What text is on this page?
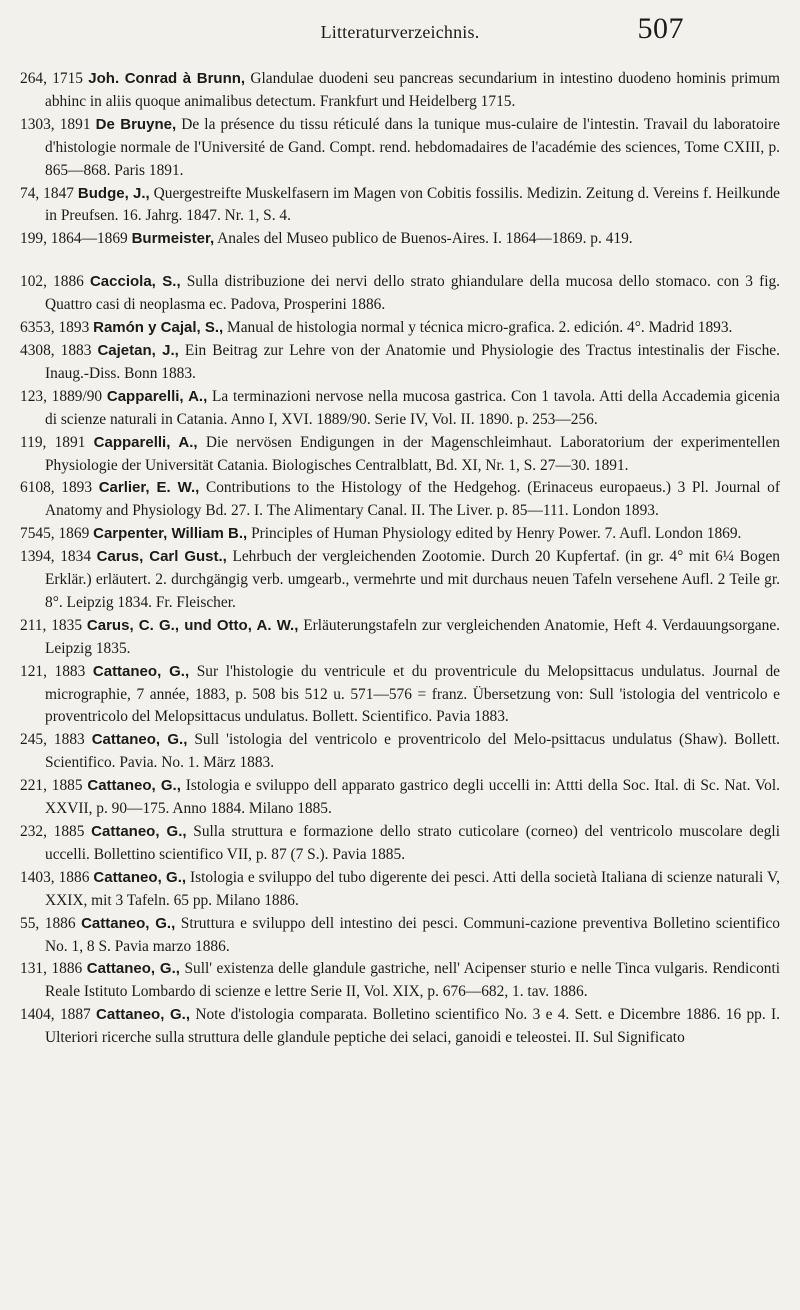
Litteraturverzeichnis.	507

264, 1715 Joh. Conrad à Brunn, Glandulae duodeni seu pancreas secundarium in intestino duodeno hominis primum abhinc in aliis quoque animalibus detectum. Frankfurt und Heidelberg 1715.

1303, 1891 De Bruyne, De la présence du tissu réticulé dans la tunique mus-culaire de l'intestin. Travail du laboratoire d'histologie normale de l'Université de Gand. Compt. rend. hebdomadaires de l'académie des sciences, Tome CXIII, p. 865—868. Paris 1891.

74, 1847 Budge, J., Quergestreifte Muskelfasern im Magen von Cobitis fossilis. Medizin. Zeitung d. Vereins f. Heilkunde in Preufsen. 16. Jahrg. 1847. Nr. 1, S. 4.

199, 1864—1869 Burmeister, Anales del Museo publico de Buenos-Aires. I. 1864—1869. p. 419.

102, 1886 Cacciola, S., Sulla distribuzione dei nervi dello strato ghiandulare della mucosa dello stomaco. con 3 fig. Quattro casi di neoplasma ec. Padova, Prosperini 1886.

6353, 1893 Ramón y Cajal, S., Manual de histologia normal y técnica micro-grafica. 2. edición. 4°. Madrid 1893.

4308, 1883 Cajetan, J., Ein Beitrag zur Lehre von der Anatomie und Physiologie des Tractus intestinalis der Fische. Inaug.-Diss. Bonn 1883.

123, 1889/90 Capparelli, A., La terminazioni nervose nella mucosa gastrica. Con 1 tavola. Atti della Accademia gicenia di scienze naturali in Catania. Anno I, XVI. 1889/90. Serie IV, Vol. II. 1890. p. 253—256.

119, 1891 Capparelli, A., Die nervösen Endigungen in der Magenschleimhaut. Laboratorium der experimentellen Physiologie der Universität Catania. Biologisches Centralblatt, Bd. XI, Nr. 1, S. 27—30. 1891.

6108, 1893 Carlier, E. W., Contributions to the Histology of the Hedgehog. (Erinaceus europaeus.) 3 Pl. Journal of Anatomy and Physiology Bd. 27. I. The Alimentary Canal. II. The Liver. p. 85—111. London 1893.

7545, 1869 Carpenter, William B., Principles of Human Physiology edited by Henry Power. 7. Aufl. London 1869.

1394, 1834 Carus, Carl Gust., Lehrbuch der vergleichenden Zootomie. Durch 20 Kupfertaf. (in gr. 4° mit 6¼ Bogen Erklär.) erläutert. 2. durchgängig verb. umgearb., vermehrte und mit durchaus neuen Tafeln versehene Aufl. 2 Teile gr. 8°. Leipzig 1834. Fr. Fleischer.

211, 1835 Carus, C. G., und Otto, A. W., Erläuterungstafeln zur vergleichenden Anatomie, Heft 4. Verdauungsorgane. Leipzig 1835.

121, 1883 Cattaneo, G., Sur l'histologie du ventricule et du proventricule du Melopsittacus undulatus. Journal de micrographie, 7 année, 1883, p. 508 bis 512 u. 571—576 = franz. Übersetzung von: Sull 'istologia del ventricolo e proventricolo del Melopsittacus undulatus. Bollett. Scientifico. Pavia 1883.

245, 1883 Cattaneo, G., Sull 'istologia del ventricolo e proventricolo del Melo-psittacus undulatus (Shaw). Bollett. Scientifico. Pavia. No. 1. März 1883.

221, 1885 Cattaneo, G., Istologia e sviluppo dell apparato gastrico degli uccelli in: Attti della Soc. Ital. di Sc. Nat. Vol. XXVII, p. 90—175. Anno 1884. Milano 1885.

232, 1885 Cattaneo, G., Sulla struttura e formazione dello strato cuticolare (corneo) del ventricolo muscolare degli uccelli. Bollettino scientifico VII, p. 87 (7 S.). Pavia 1885.

1403, 1886 Cattaneo, G., Istologia e sviluppo del tubo digerente dei pesci. Atti della società Italiana di scienze naturali V, XXIX, mit 3 Tafeln. 65 pp. Milano 1886.

55, 1886 Cattaneo, G., Struttura e sviluppo dell intestino dei pesci. Communi-cazione preventiva Bolletino scientifico No. 1, 8 S. Pavia marzo 1886.

131, 1886 Cattaneo, G., Sull' existenza delle glandule gastriche, nell' Acipenser sturio e nelle Tinca vulgaris. Rendiconti Reale Istituto Lombardo di scienze e lettre Serie II, Vol. XIX, p. 676—682, 1. tav. 1886.

1404, 1887 Cattaneo, G., Note d'istologia comparata. Bolletino scientifico No. 3 e 4. Sett. e Dicembre 1886. 16 pp. I. Ulteriori ricerche sulla struttura delle glandule peptiche dei selaci, ganoidi e teleostei. II. Sul Significato
